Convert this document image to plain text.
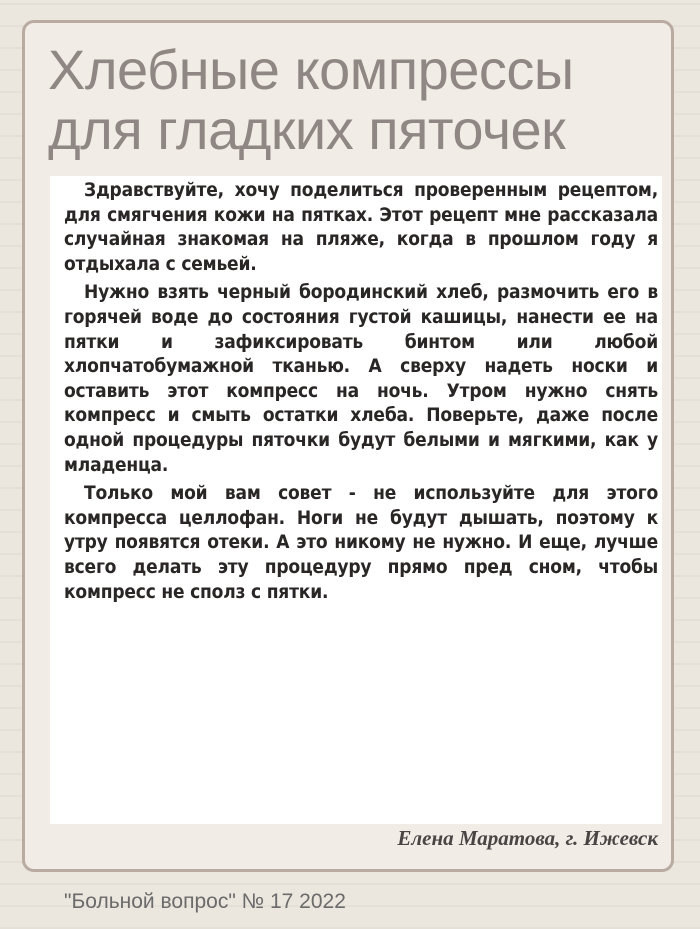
Хлебные компрессы
для гладких пяточек

Здравствуйте, хочу поделиться проверенным рецептом, для смягчения кожи на пятках. Этот рецепт мне рассказала случайная знакомая на пляже, когда в прошлом году я отдыхала с семьей.

Нужно взять черный бородинский хлеб, размочить его в горячей воде до состояния густой кашицы, нанести ее на пятки и зафиксировать бинтом или любой хлопчатобумажной тканью. А сверху надеть носки и оставить этот компресс на ночь. Утром нужно снять компресс и смыть остатки хлеба. Поверьте, даже после одной процедуры пяточки будут белыми и мягкими, как у младенца.

Только мой вам совет - не используйте для этого компресса целлофан. Ноги не будут дышать, поэтому к утру появятся отеки. А это никому не нужно. И еще, лучше всего делать эту процедуру прямо пред сном, чтобы компресс не сполз с пятки.

Елена Маратова, г. Ижевск
"Больной вопрос" № 17 2022
